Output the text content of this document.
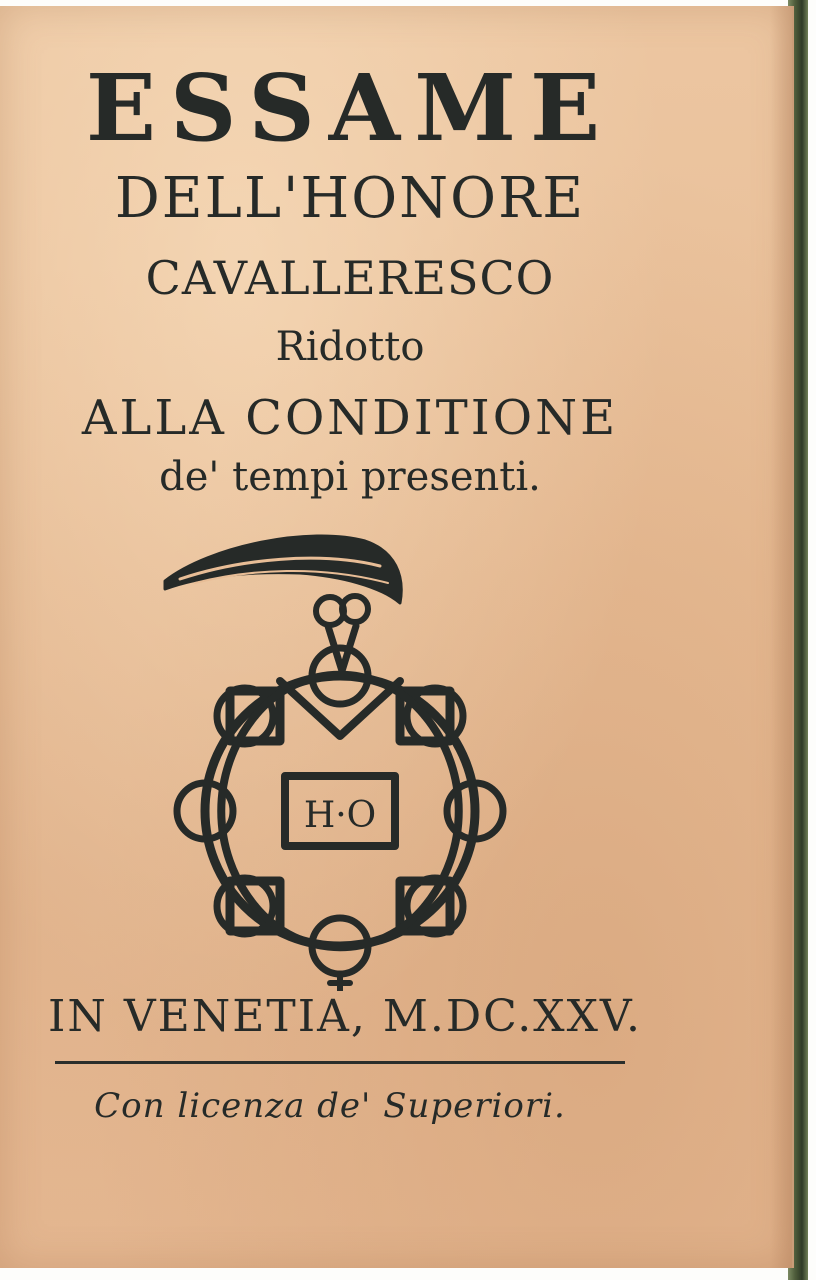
ESSAME
DELL'HONORE
CAVALLERESCO
Ridotto
ALLA CONDITIONE
de' tempi presenti.
H·O
IN VENETIA, M.DC.XXV.
Con licenza de' Superiori.
